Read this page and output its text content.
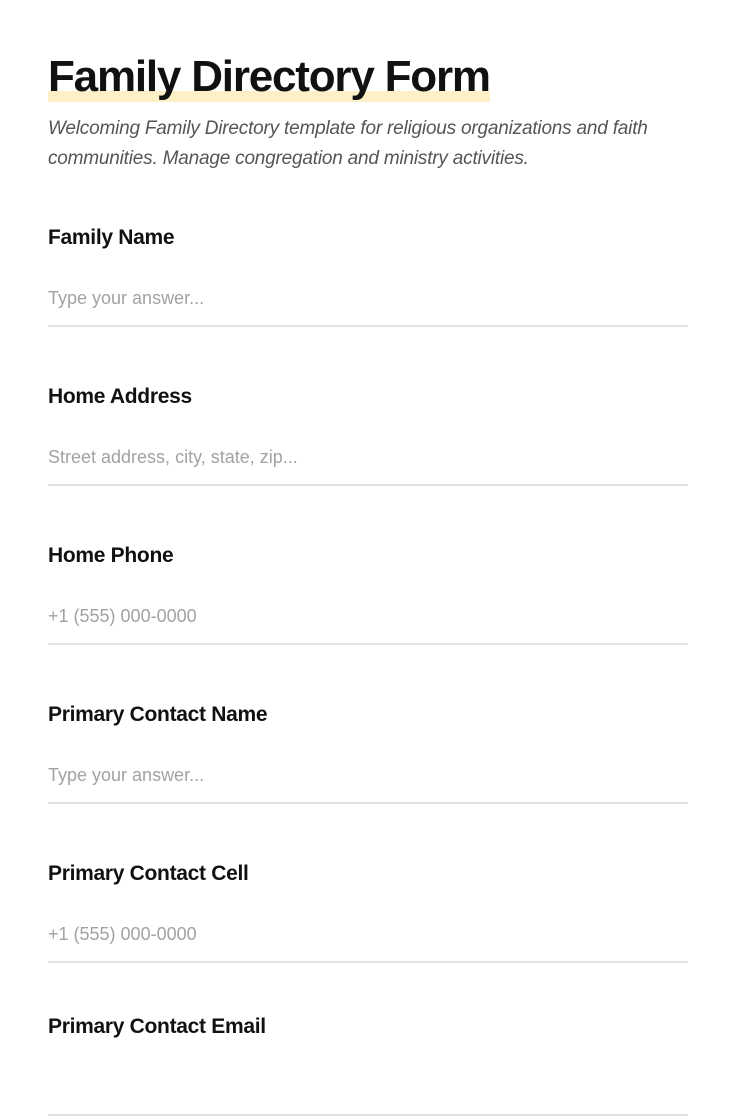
Family Directory Form

Welcoming Family Directory template for religious organizations and faith communities. Manage congregation and ministry activities.

Family Name
Type your answer...
Home Address
Street address, city, state, zip...
Home Phone
+1 (555) 000-0000
Primary Contact Name
Type your answer...
Primary Contact Cell
+1 (555) 000-0000
Primary Contact Email
